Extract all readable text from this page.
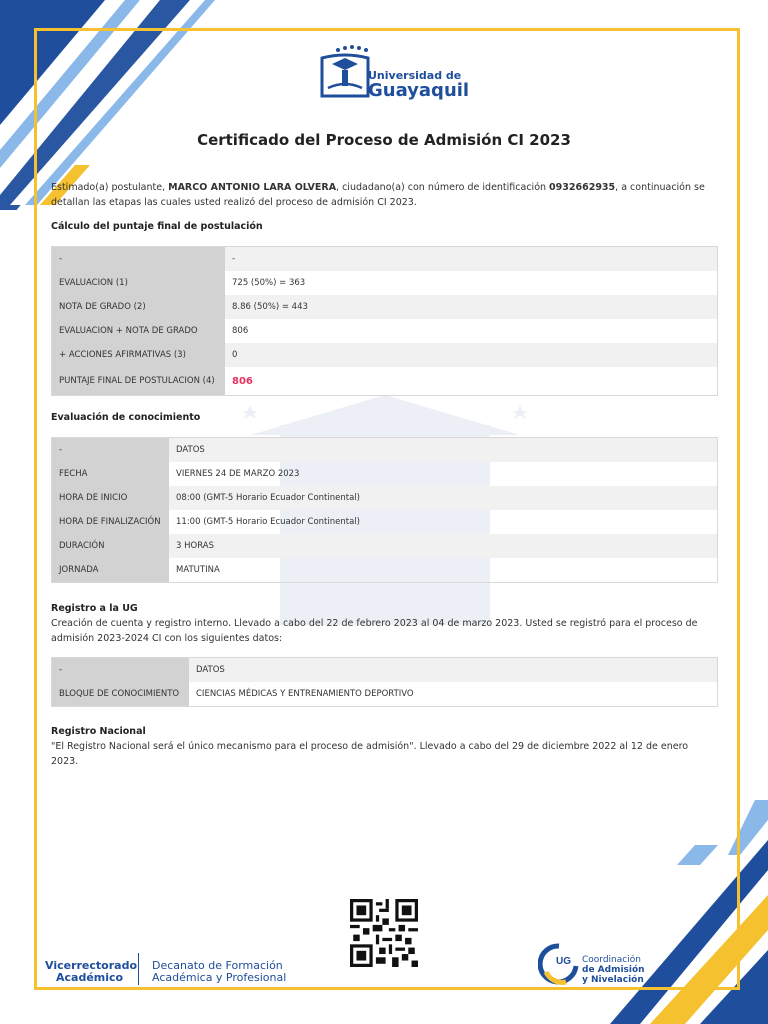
Universidad de
Guayaquil
Certificado del Proceso de Admisión CI 2023
Estimado(a) postulante, MARCO ANTONIO LARA OLVERA, ciudadano(a) con número de identificación 0932662935, a continuación se detallan las etapas las cuales usted realizó del proceso de admisión CI 2023.
Cálculo del puntaje final de postulación
-	-
EVALUACION (1)	725 (50%) = 363
NOTA DE GRADO (2)	8.86 (50%) = 443
EVALUACION + NOTA DE GRADO	806
+ ACCIONES AFIRMATIVAS (3)	0
PUNTAJE FINAL DE POSTULACION (4)	806
Evaluación de conocimiento
-	DATOS
FECHA	VIERNES 24 DE MARZO 2023
HORA DE INICIO	08:00 (GMT-5 Horario Ecuador Continental)
HORA DE FINALIZACIÓN	11:00 (GMT-5 Horario Ecuador Continental)
DURACIÓN	3 HORAS
JORNADA	MATUTINA
Registro a la UG
Creación de cuenta y registro interno. Llevado a cabo del 22 de febrero 2023 al 04 de marzo 2023. Usted se registró para el proceso de admisión 2023-2024 CI con los siguientes datos:
-	DATOS
BLOQUE DE CONOCIMIENTO	CIENCIAS MÉDICAS Y ENTRENAMIENTO DEPORTIVO
Registro Nacional
"El Registro Nacional será el único mecanismo para el proceso de admisión". Llevado a cabo del 29 de diciembre 2022 al 12 de enero 2023.
Vicerrectorado
Académico
Decanato de Formación
Académica y Profesional
UG Coordinación
de Admisión
y Nivelación
